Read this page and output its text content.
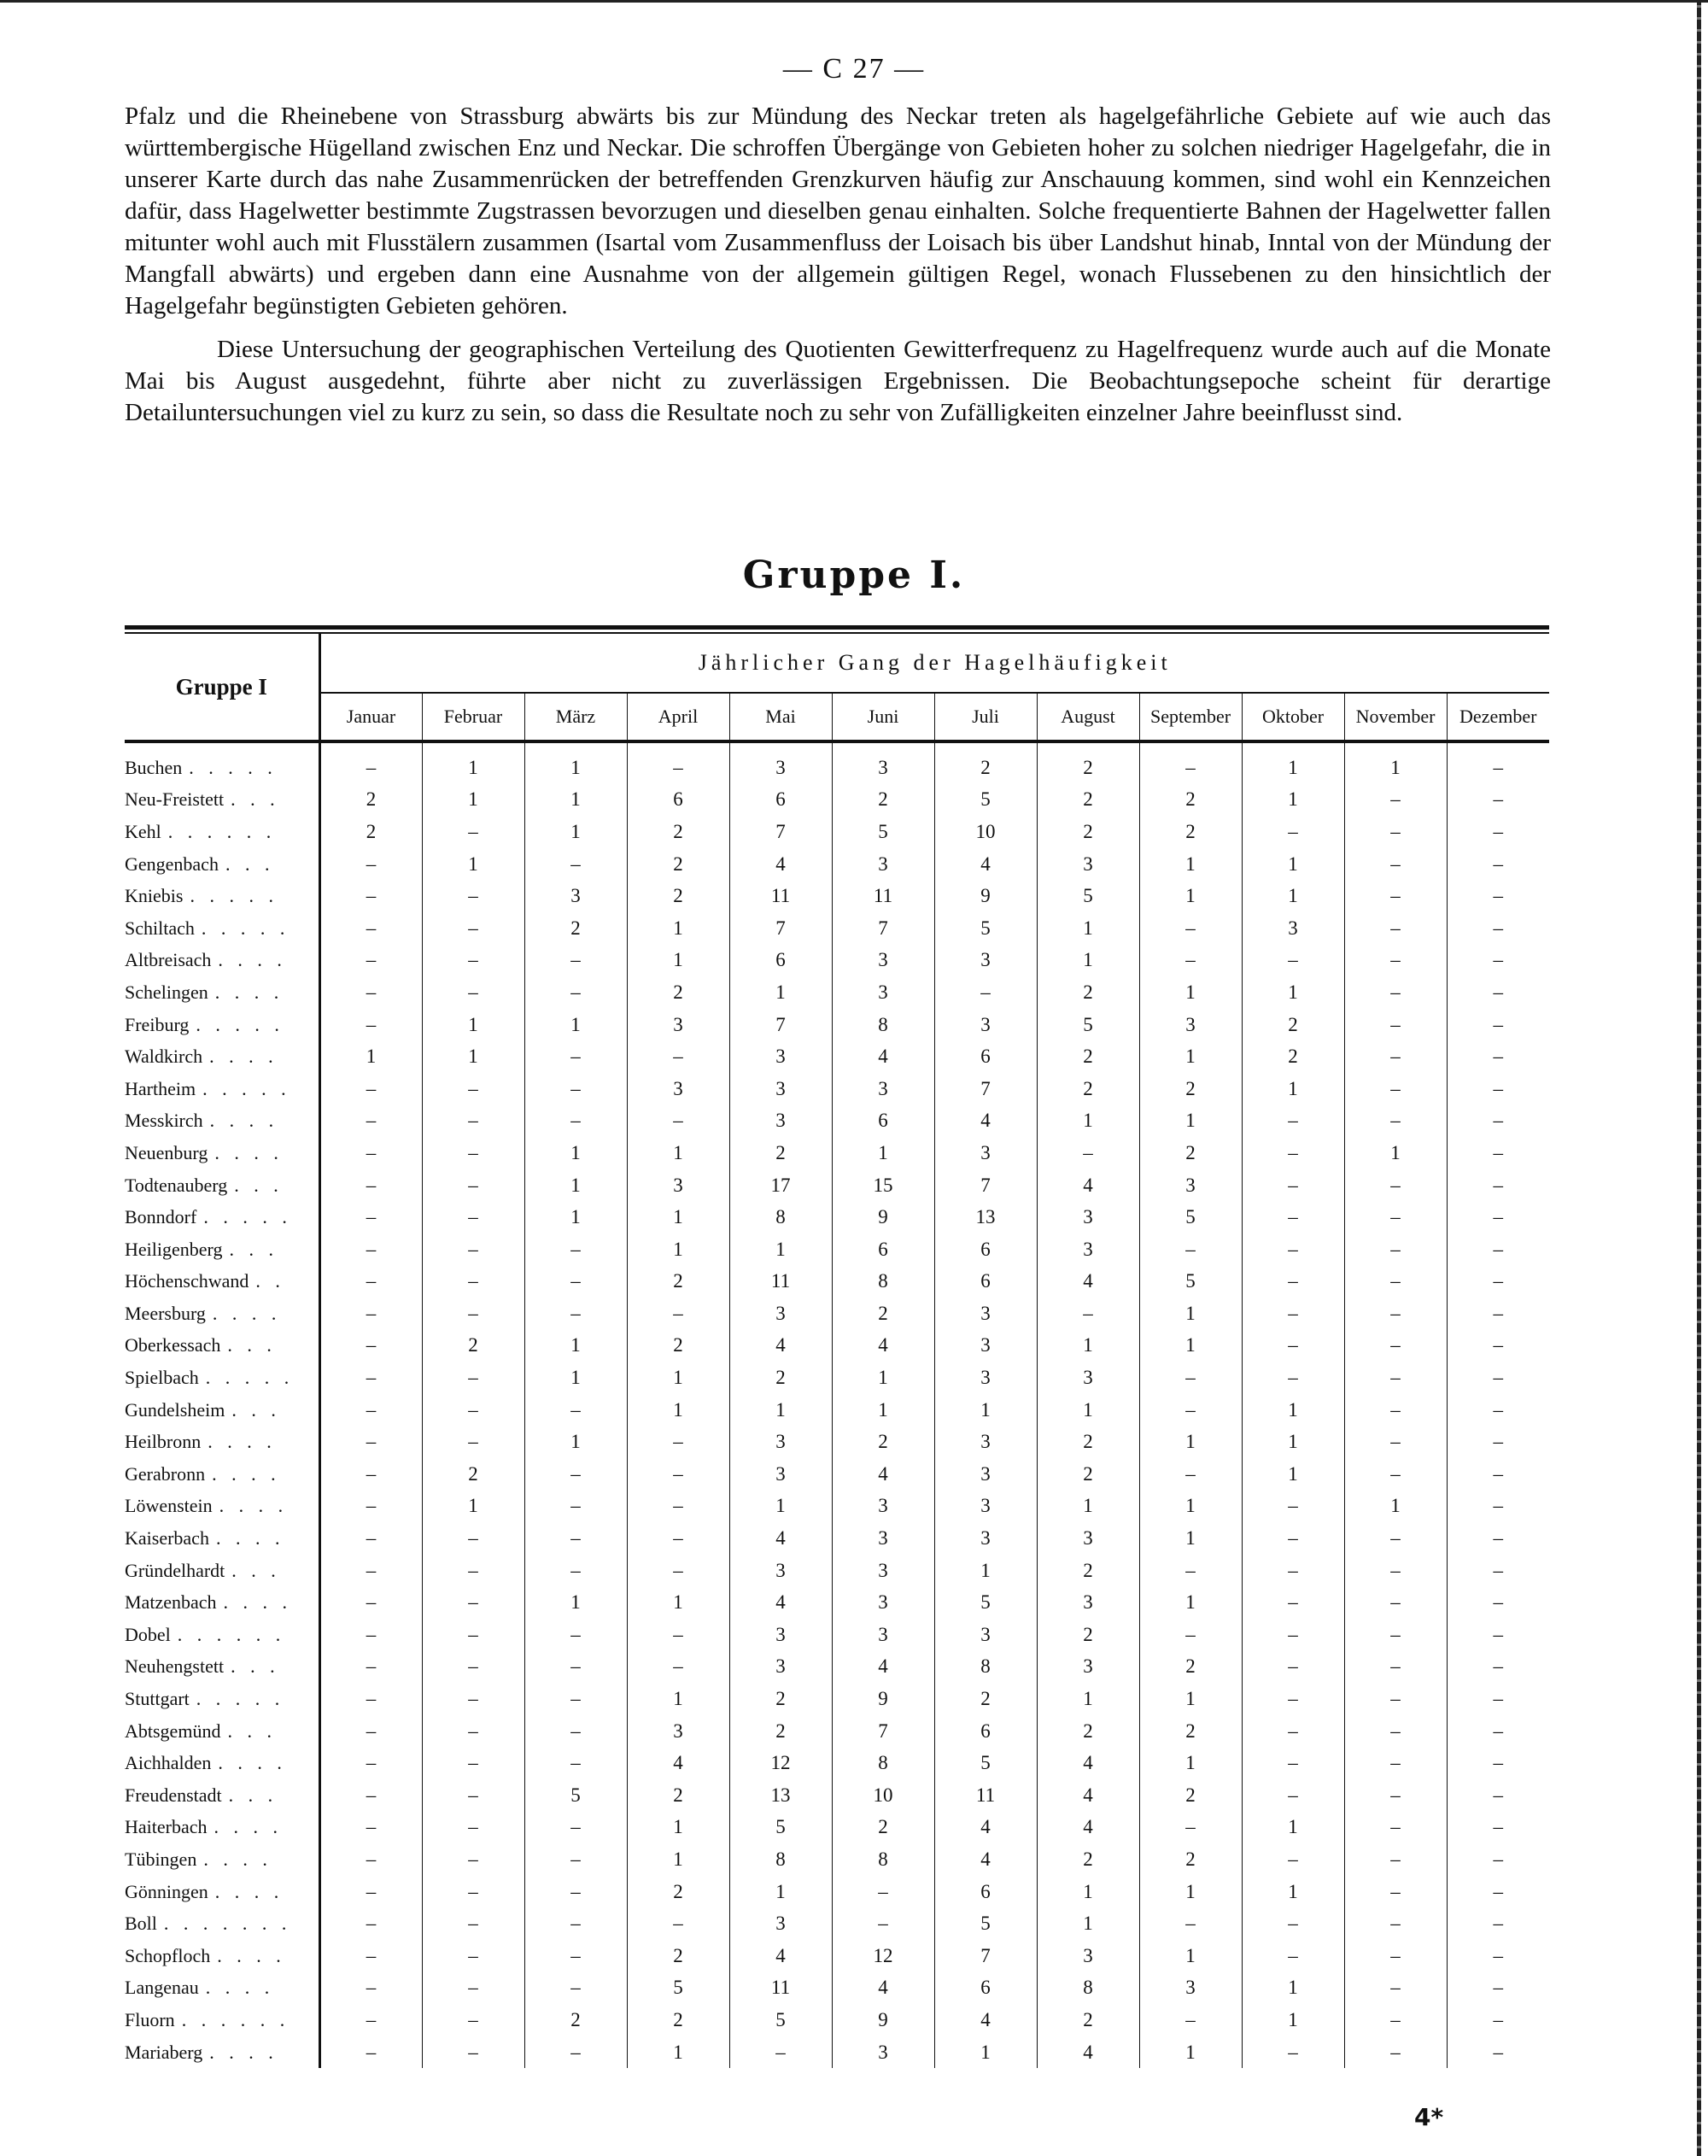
— C 27 —

Pfalz und die Rheinebene von Strassburg abwärts bis zur Mündung des Neckar treten als hagelgefährliche Gebiete auf wie auch das württembergische Hügelland zwischen Enz und Neckar. Die schroffen Übergänge von Gebieten hoher zu solchen niedriger Hagelgefahr, die in unserer Karte durch das nahe Zusammenrücken der betreffenden Grenzkurven häufig zur Anschauung kommen, sind wohl ein Kennzeichen dafür, dass Hagelwetter bestimmte Zugstrassen bevorzugen und dieselben genau einhalten. Solche frequentierte Bahnen der Hagelwetter fallen mitunter wohl auch mit Flusstälern zusammen (Isartal vom Zusammenfluss der Loisach bis über Landshut hinab, Inntal von der Mündung der Mangfall abwärts) und ergeben dann eine Ausnahme von der allgemein gültigen Regel, wonach Flussebenen zu den hinsichtlich der Hagelgefahr begünstigten Gebieten gehören.

Diese Untersuchung der geographischen Verteilung des Quotienten Gewitterfrequenz zu Hagelfrequenz wurde auch auf die Monate Mai bis August ausgedehnt, führte aber nicht zu zuverlässigen Ergebnissen. Die Beobachtungsepoche scheint für derartige Detailuntersuchungen viel zu kurz zu sein, so dass die Resultate noch zu sehr von Zufälligkeiten einzelner Jahre beeinflusst sind.

Gruppe I.
Gruppe I	Jährlicher Gang der Hagelhäufigkeit											
	Januar	Februar	März	April	Mai	Juni	Juli	August	September	Oktober	November	Dezember

Buchen . . . . .	–	1	1	–	3	3	2	2	–	1	1	–
Neu-Freistett . . .	2	1	1	6	6	2	5	2	2	1	–	–
Kehl . . . . . .	2	–	1	2	7	5	10	2	2	–	–	–
Gengenbach . . .	–	1	–	2	4	3	4	3	1	1	–	–
Kniebis . . . . .	–	–	3	2	11	11	9	5	1	1	–	–
Schiltach . . . . .	–	–	2	1	7	7	5	1	–	3	–	–
Altbreisach . . . .	–	–	–	1	6	3	3	1	–	–	–	–
Schelingen . . . .	–	–	–	2	1	3	–	2	1	1	–	–
Freiburg . . . . .	–	1	1	3	7	8	3	5	3	2	–	–
Waldkirch . . . .	1	1	–	–	3	4	6	2	1	2	–	–
Hartheim . . . . .	–	–	–	3	3	3	7	2	2	1	–	–
Messkirch . . . .	–	–	–	–	3	6	4	1	1	–	–	–
Neuenburg . . . .	–	–	1	1	2	1	3	–	2	–	1	–
Todtenauberg . . .	–	–	1	3	17	15	7	4	3	–	–	–
Bonndorf . . . . .	–	–	1	1	8	9	13	3	5	–	–	–
Heiligenberg . . .	–	–	–	1	1	6	6	3	–	–	–	–
Höchenschwand . .	–	–	–	2	11	8	6	4	5	–	–	–
Meersburg . . . .	–	–	–	–	3	2	3	–	1	–	–	–
Oberkessach . . .	–	2	1	2	4	4	3	1	1	–	–	–
Spielbach . . . . .	–	–	1	1	2	1	3	3	–	–	–	–
Gundelsheim . . .	–	–	–	1	1	1	1	1	–	1	–	–
Heilbronn . . . .	–	–	1	–	3	2	3	2	1	1	–	–
Gerabronn . . . .	–	2	–	–	3	4	3	2	–	1	–	–
Löwenstein . . . .	–	1	–	–	1	3	3	1	1	–	1	–
Kaiserbach . . . .	–	–	–	–	4	3	3	3	1	–	–	–
Gründelhardt . . .	–	–	–	–	3	3	1	2	–	–	–	–
Matzenbach . . . .	–	–	1	1	4	3	5	3	1	–	–	–
Dobel . . . . . .	–	–	–	–	3	3	3	2	–	–	–	–
Neuhengstett . . .	–	–	–	–	3	4	8	3	2	–	–	–
Stuttgart . . . . .	–	–	–	1	2	9	2	1	1	–	–	–
Abtsgemünd . . .	–	–	–	3	2	7	6	2	2	–	–	–
Aichhalden . . . .	–	–	–	4	12	8	5	4	1	–	–	–
Freudenstadt . . .	–	–	5	2	13	10	11	4	2	–	–	–
Haiterbach . . . .	–	–	–	1	5	2	4	4	–	1	–	–
Tübingen . . . .	–	–	–	1	8	8	4	2	2	–	–	–
Gönningen . . . .	–	–	–	2	1	–	6	1	1	1	–	–
Boll . . . . . . .	–	–	–	–	3	–	5	1	–	–	–	–
Schopfloch . . . .	–	–	–	2	4	12	7	3	1	–	–	–
Langenau . . . .	–	–	–	5	11	4	6	8	3	1	–	–
Fluorn . . . . . .	–	–	2	2	5	9	4	2	–	1	–	–
Mariaberg . . . .	–	–	–	1	–	3	1	4	1	–	–	–
4*
